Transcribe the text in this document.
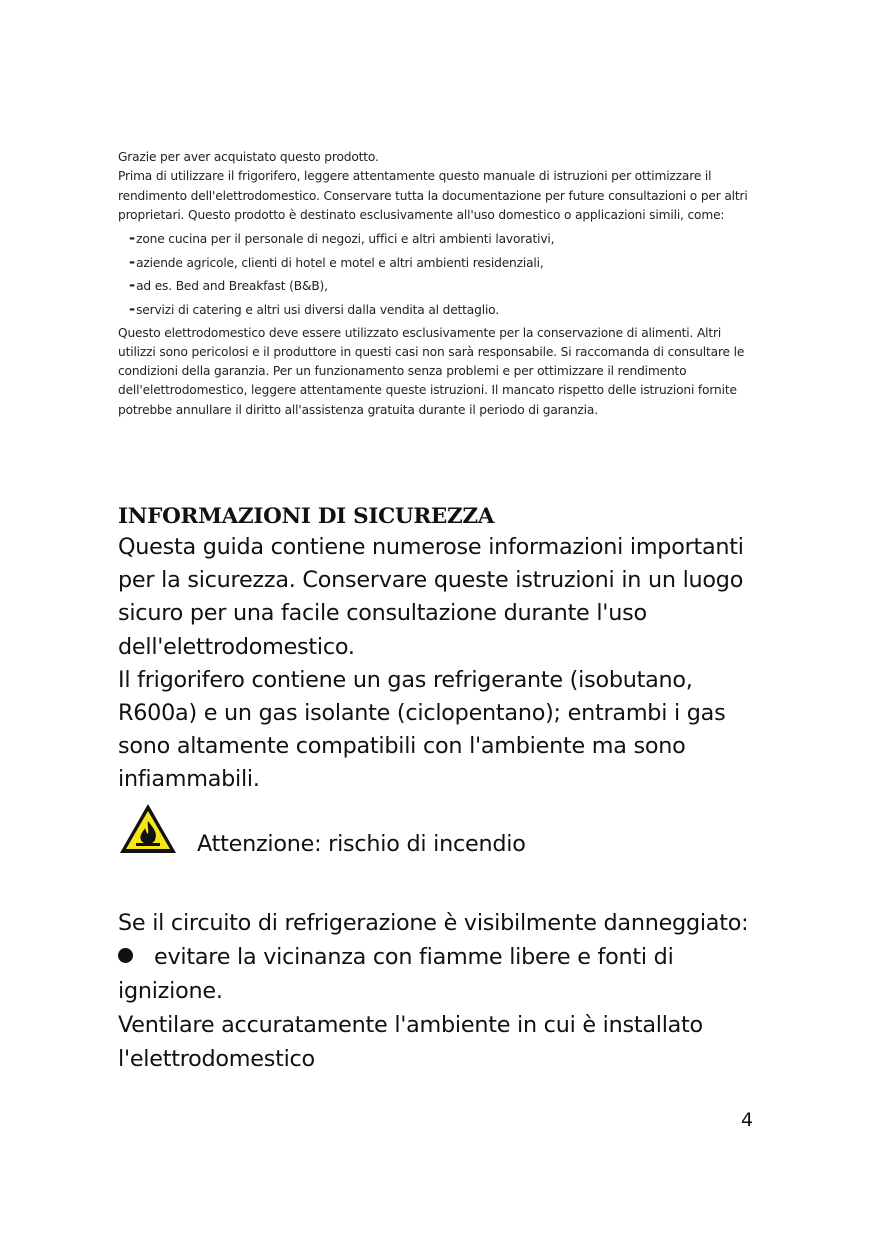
Grazie per aver acquistato questo prodotto.

Prima di utilizzare il frigorifero, leggere attentamente questo manuale di istruzioni per ottimizzare il rendimento dell'elettrodomestico. Conservare tutta la documentazione per future consultazioni o per altri proprietari. Questo prodotto è destinato esclusivamente all'uso domestico o applicazioni simili, come:

-zone cucina per il personale di negozi, uffici e altri ambienti lavorativi,
-aziende agricole, clienti di hotel e motel e altri ambienti residenziali,
-ad es. Bed and Breakfast (B&B),
-servizi di catering e altri usi diversi dalla vendita al dettaglio.

Questo elettrodomestico deve essere utilizzato esclusivamente per la conservazione di alimenti. Altri utilizzi sono pericolosi e il produttore in questi casi non sarà responsabile. Si raccomanda di consultare le condizioni della garanzia. Per un funzionamento senza problemi e per ottimizzare il rendimento dell'elettrodomestico, leggere attentamente queste istruzioni. Il mancato rispetto delle istruzioni fornite potrebbe annullare il diritto all'assistenza gratuita durante il periodo di garanzia.

INFORMAZIONI DI SICUREZZA

Questa guida contiene numerose informazioni importanti per la sicurezza. Conservare queste istruzioni in un luogo sicuro per una facile consultazione durante l'uso dell'elettrodomestico.

Il frigorifero contiene un gas refrigerante (isobutano, R600a) e un gas isolante (ciclopentano); entrambi i gas sono altamente compatibili con l'ambiente ma sono infiammabili.

Attenzione: rischio di incendio

Se il circuito di refrigerazione è visibilmente danneggiato:

evitare la vicinanza con fiamme libere e fonti di ignizione.

Ventilare accuratamente l'ambiente in cui è installato l'elettrodomestico

4
